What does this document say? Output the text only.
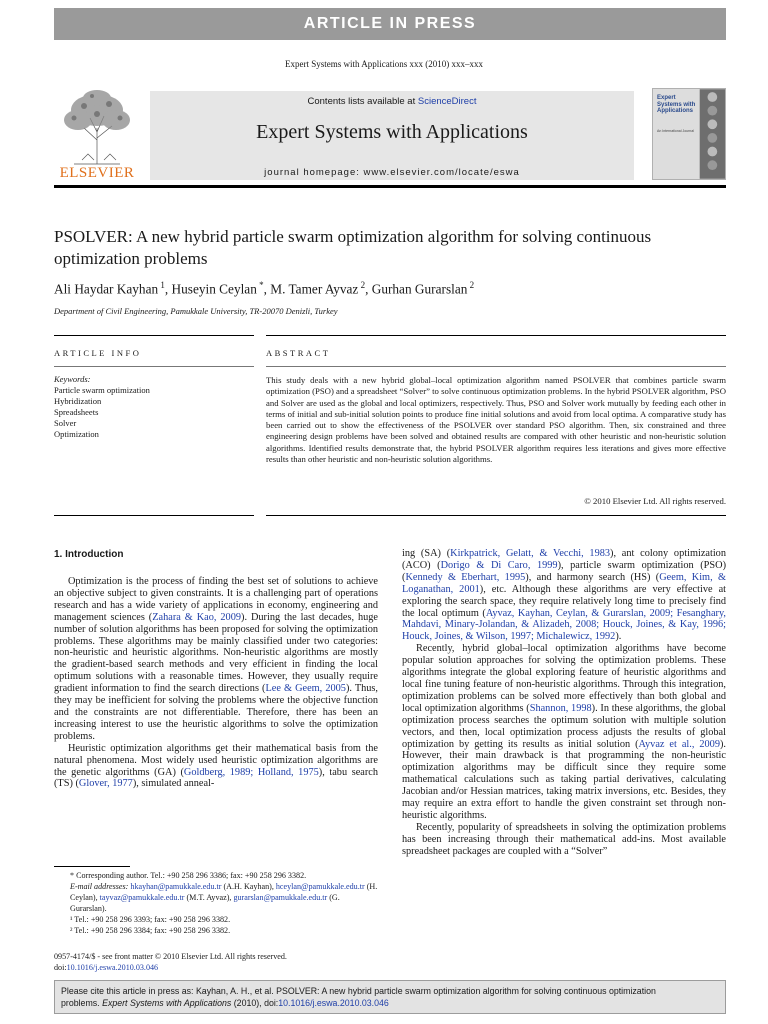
ARTICLE IN PRESS
Expert Systems with Applications xxx (2010) xxx–xxx
ELSEVIER
Contents lists available at ScienceDirect
Expert Systems with Applications
journal homepage: www.elsevier.com/locate/eswa
Expert Systems with Applications
An International Journal
PSOLVER: A new hybrid particle swarm optimization algorithm for solving continuous optimization problems
Ali Haydar Kayhan $^1$, Huseyin Ceylan *, M. Tamer Ayvaz $^2$, Gurhan Gurarslan $^2$
Department of Civil Engineering, Pamukkale University, TR-20070 Denizli, Turkey
ARTICLE INFO	ABSTRACT
Keywords:
Particle swarm optimization
Hybridization
Spreadsheets
Solver
Optimization
This study deals with a new hybrid global–local optimization algorithm named PSOLVER that combines particle swarm optimization (PSO) and a spreadsheet “Solver” to solve continuous optimization problems. In the hybrid PSOLVER algorithm, PSO and Solver are used as the global and local optimizers, respectively. Thus, PSO and Solver work mutually by feeding each other in terms of initial and sub-initial solution points to produce fine initial solutions and avoid from local optima. A comparative study has been carried out to show the effectiveness of the PSOLVER over standard PSO algorithm. Then, six constrained and three engineering design problems have been solved and obtained results are compared with other heuristic and non-heuristic solution algorithms. Identified results demonstrate that, the hybrid PSOLVER algorithm requires less iterations and gives more effective results than other heuristic and non-heuristic solution algorithms.
© 2010 Elsevier Ltd. All rights reserved.
1. Introduction

Optimization is the process of finding the best set of solutions to achieve an objective subject to given constraints. It is a challenging part of operations research and has a wide variety of applications in economy, engineering and management sciences (Zahara & Kao, 2009). During the last decades, huge number of solution algorithms has been proposed for solving the optimization problems. These algorithms may be mainly classified under two categories: non-heuristic and heuristic algorithms. Non-heuristic algorithms are mostly the gradient-based search methods and very efficient in finding the local optimum solutions with a reasonable times. However, they usually require gradient information to find the search directions (Lee & Geem, 2005). Thus, they may be inefficient for solving the problems where the objective function and the constraints are not differentiable. Therefore, there has been an increasing interest to use the heuristic algorithms to solve the optimization problems.

Heuristic optimization algorithms get their mathematical basis from the natural phenomena. Most widely used heuristic optimization algorithms are the genetic algorithms (GA) (Goldberg, 1989; Holland, 1975), tabu search (TS) (Glover, 1977), simulated anneal-

ing (SA) (Kirkpatrick, Gelatt, & Vecchi, 1983), ant colony optimization (ACO) (Dorigo & Di Caro, 1999), particle swarm optimization (PSO) (Kennedy & Eberhart, 1995), and harmony search (HS) (Geem, Kim, & Loganathan, 2001), etc. Although these algorithms are very effective at exploring the search space, they require relatively long time to precisely find the local optimum (Ayvaz, Kayhan, Ceylan, & Gurarslan, 2009; Fesanghary, Mahdavi, Minary-Jolandan, & Alizadeh, 2008; Houck, Joines, & Kay, 1996; Houck, Joines, & Wilson, 1997; Michalewicz, 1992).

Recently, hybrid global–local optimization algorithms have become popular solution approaches for solving the optimization problems. These algorithms integrate the global exploring feature of heuristic algorithms and local fine tuning feature of non-heuristic algorithms. Through this integration, optimization problems can be solved more effectively than both global and local optimization algorithms (Shannon, 1998). In these algorithms, the global optimization process searches the optimum solution with multiple solution vectors, and then, local optimization process adjusts the results of global optimization by getting its results as initial solution (Ayvaz et al., 2009). However, their main drawback is that programming the non-heuristic optimization algorithms may be difficult since they require some mathematical calculations such as taking partial derivatives, calculating Jacobian and/or Hessian matrices, taking matrix inversions, etc. Besides, they may require an extra effort to handle the given constraint set through non-heuristic algorithms.

Recently, popularity of spreadsheets in solving the optimization problems has been increasing through their mathematical add-ins. Most available spreadsheet packages are coupled with a “Solver”

* Corresponding author. Tel.: +90 258 296 3386; fax: +90 258 296 3382.
E-mail addresses: hkayhan@pamukkale.edu.tr (A.H. Kayhan), hceylan@pamukkale.edu.tr (H. Ceylan), tayvaz@pamukkale.edu.tr (M.T. Ayvaz), gurarslan@pamukkale.edu.tr (G. Gurarslan).
¹ Tel.: +90 258 296 3393; fax: +90 258 296 3382.
² Tel.: +90 258 296 3384; fax: +90 258 296 3382.
0957-4174/$ - see front matter © 2010 Elsevier Ltd. All rights reserved.
doi:10.1016/j.eswa.2010.03.046
Please cite this article in press as: Kayhan, A. H., et al. PSOLVER: A new hybrid particle swarm optimization algorithm for solving continuous optimization
problems. Expert Systems with Applications (2010), doi:10.1016/j.eswa.2010.03.046
